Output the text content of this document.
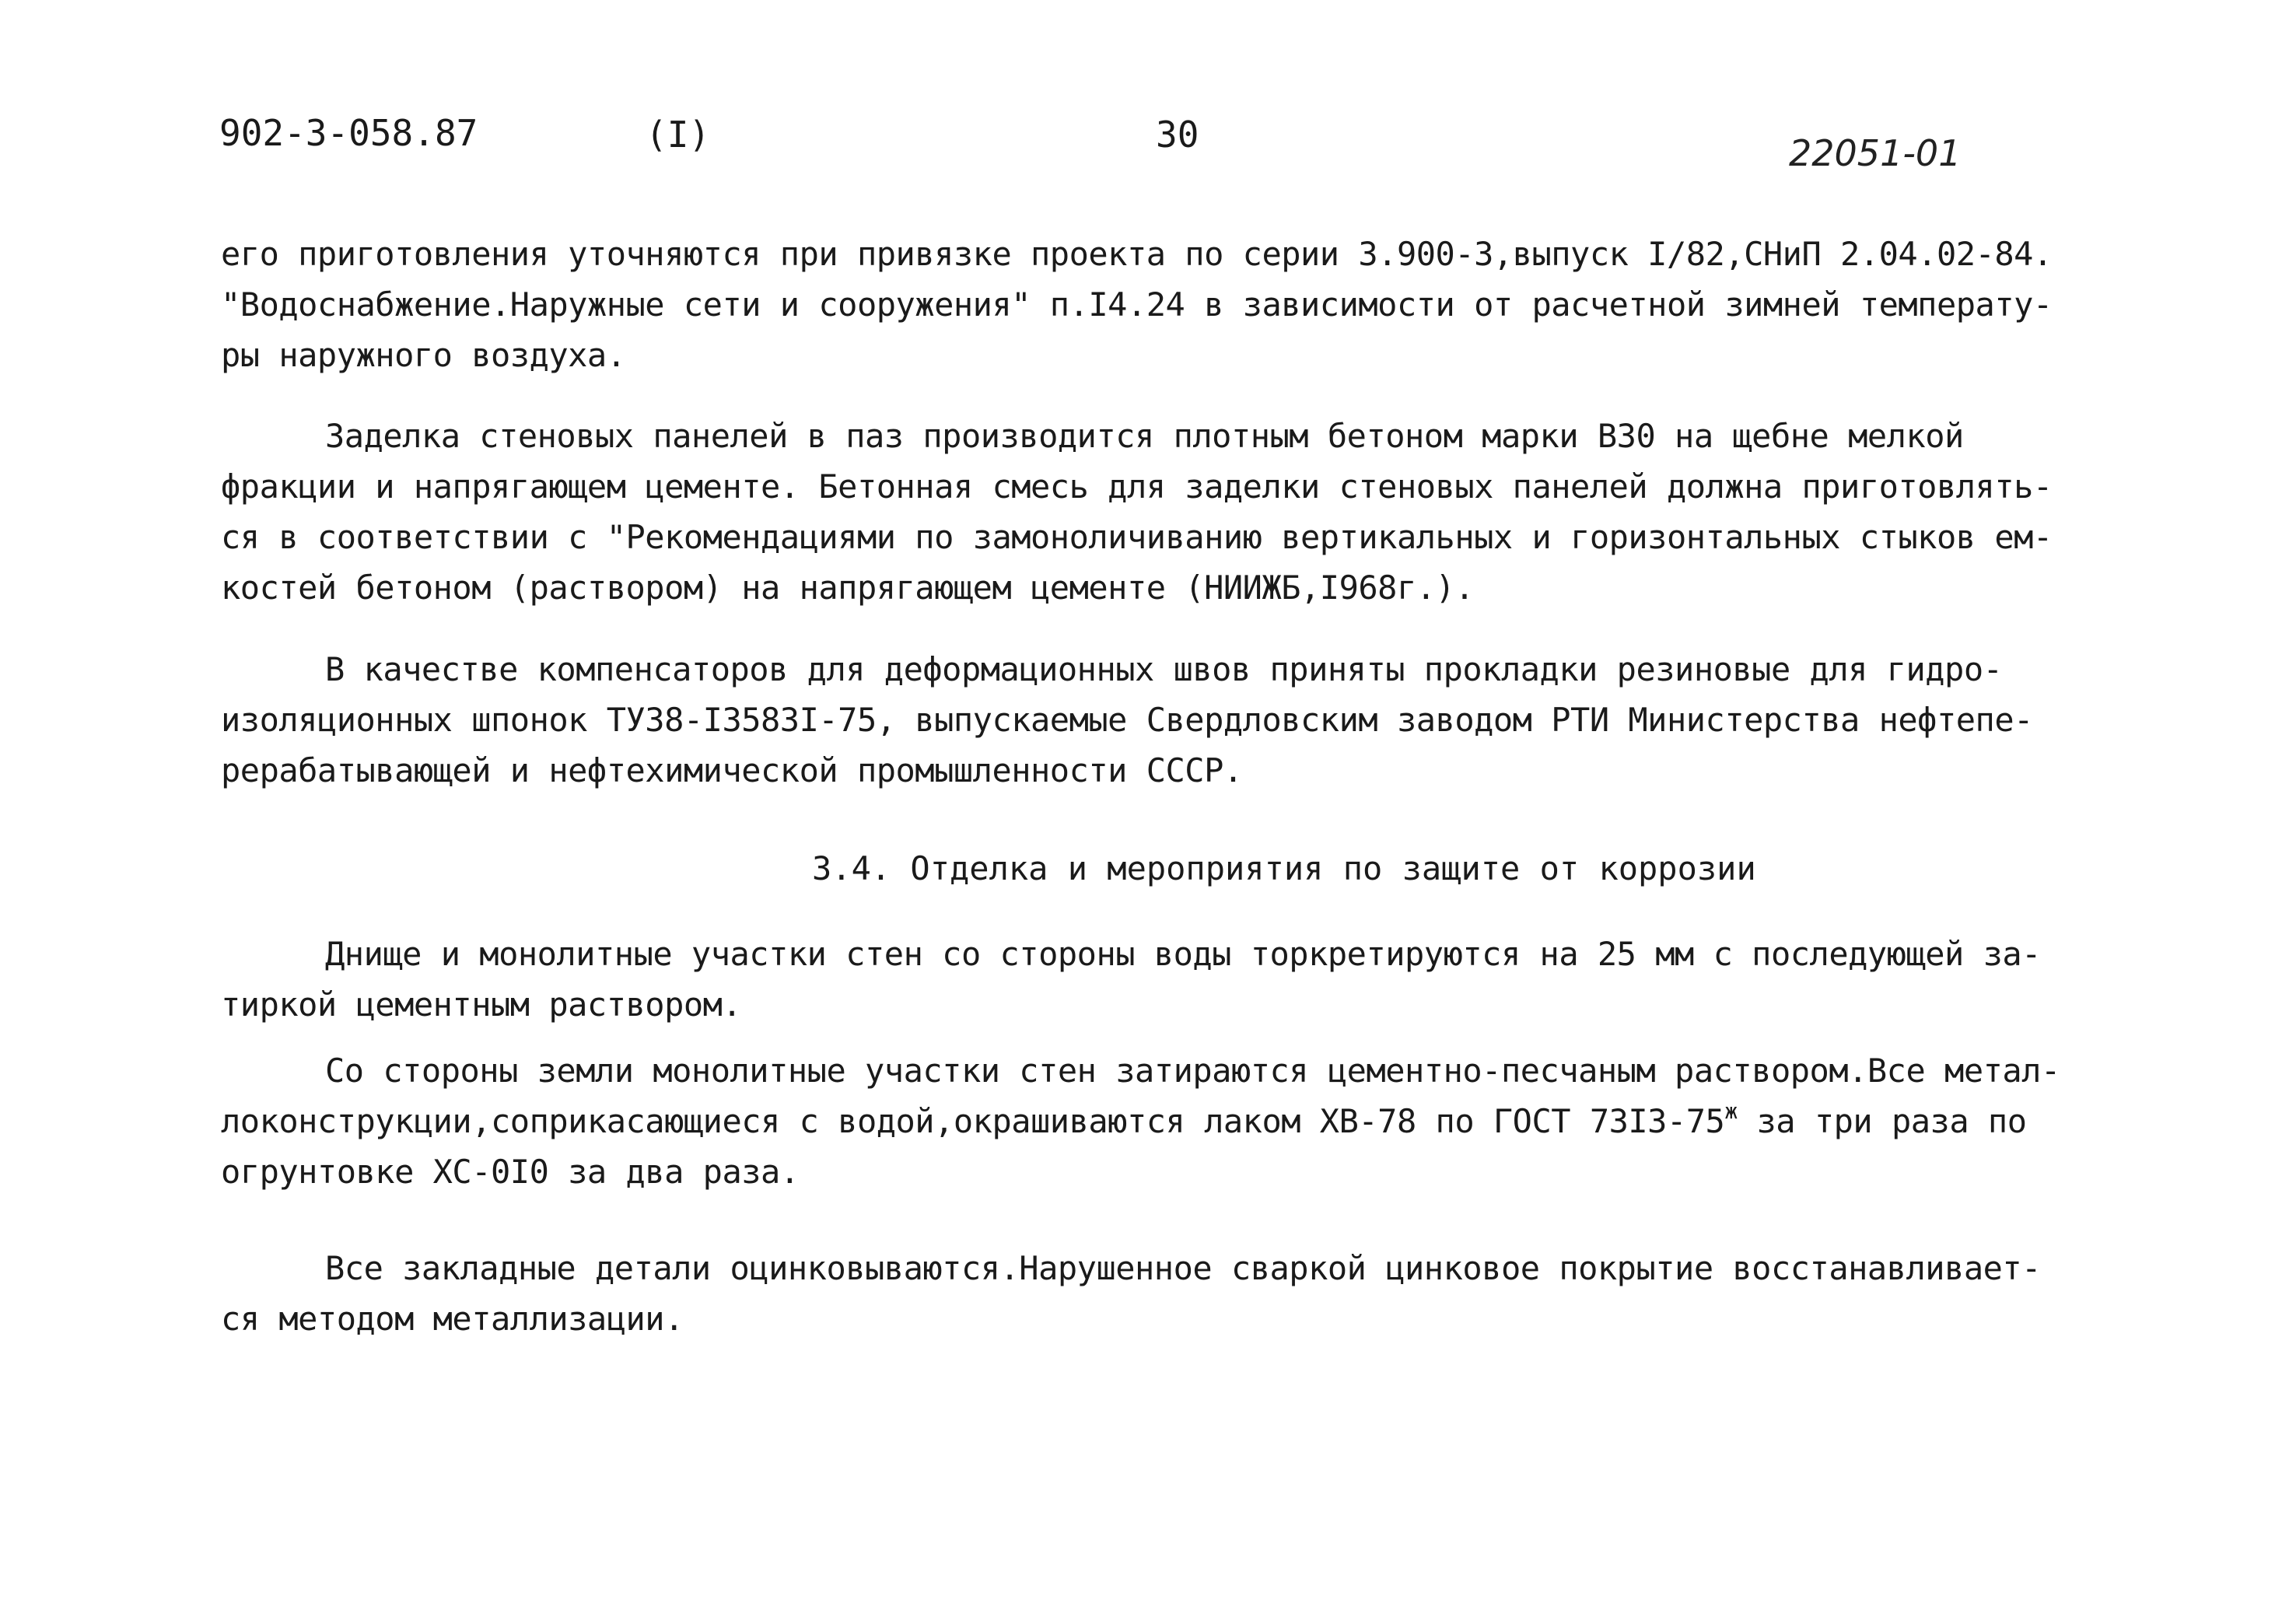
902-3-058.87	(I)	30	22051-01
его приготовления уточняются при привязке проекта по серии 3.900-3,выпуск I/82,СНиП 2.04.02-84.
"Водоснабжение.Наружные сети и сооружения" п.I4.24 в зависимости от расчетной зимней температу-
ры наружного воздуха.
Заделка стеновых панелей в паз производится плотным бетоном марки В30 на щебне мелкой
фракции и напрягающем цементе. Бетонная смесь для заделки стеновых панелей должна приготовлять-
ся в соответствии с "Рекомендациями по замоноличиванию вертикальных и горизонтальных стыков ем-
костей бетоном (раствором) на напрягающем цементе (НИИЖБ,I968г.).
В качестве компенсаторов для деформационных швов приняты прокладки резиновые для гидро-
изоляционных шпонок ТУ38-I3583I-75, выпускаемые Свердловским заводом РТИ Министерства нефтепе-
рерабатывающей и нефтехимической промышленности СССР.
3.4. Отделка и мероприятия по защите от коррозии
Днище и монолитные участки стен со стороны воды торкретируются на 25 мм с последующей за-
тиркой цементным раствором.
Со стороны земли монолитные участки стен затираются цементно-песчаным раствором.Все метал-
локонструкции,соприкасающиеся с водой,окрашиваются лаком ХВ-78 по ГОСТ $73I3-75^ж$ за три раза по
огрунтовке ХС-0I0 за два раза.
Все закладные детали оцинковываются.Нарушенное сваркой цинковое покрытие восстанавливает-
ся методом металлизации.
